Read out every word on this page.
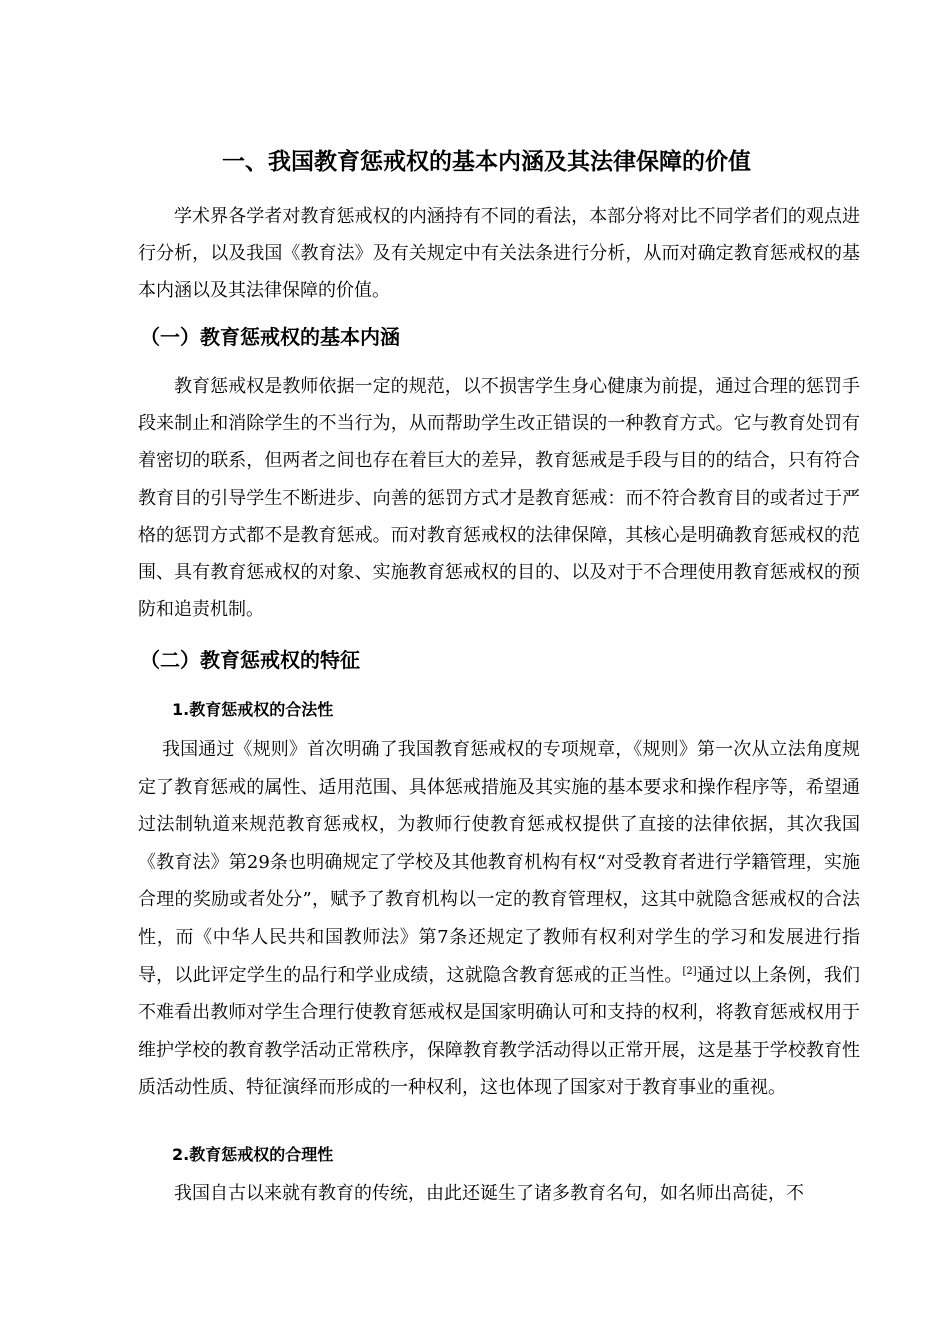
一、我国教育惩戒权的基本内涵及其法律保障的价值

学术界各学者对教育惩戒权的内涵持有不同的看法，本部分将对比不同学者们的观点进行分析，以及我国《教育法》及有关规定中有关法条进行分析，从而对确定教育惩戒权的基本内涵以及其法律保障的价值。

（一）教育惩戒权的基本内涵

教育惩戒权是教师依据一定的规范，以不损害学生身心健康为前提，通过合理的惩罚手段来制止和消除学生的不当行为，从而帮助学生改正错误的一种教育方式。它与教育处罚有着密切的联系，但两者之间也存在着巨大的差异，教育惩戒是手段与目的的结合，只有符合教育目的引导学生不断进步、向善的惩罚方式才是教育惩戒：而不符合教育目的或者过于严格的惩罚方式都不是教育惩戒。而对教育惩戒权的法律保障，其核心是明确教育惩戒权的范围、具有教育惩戒权的对象、实施教育惩戒权的目的、以及对于不合理使用教育惩戒权的预防和追责机制。

（二）教育惩戒权的特征
1.教育惩戒权的合法性

我国通过《规则》首次明确了我国教育惩戒权的专项规章，《规则》第一次从立法角度规定了教育惩戒的属性、适用范围、具体惩戒措施及其实施的基本要求和操作程序等，希望通过法制轨道来规范教育惩戒权，为教师行使教育惩戒权提供了直接的法律依据，其次我国《教育法》第29条也明确规定了学校及其他教育机构有权“对受教育者进行学籍管理，实施合理的奖励或者处分”，赋予了教育机构以一定的教育管理权，这其中就隐含惩戒权的合法性，而《中华人民共和国教师法》第7条还规定了教师有权利对学生的学习和发展进行指导，以此评定学生的品行和学业成绩，这就隐含教育惩戒的正当性。[2]通过以上条例，我们不难看出教师对学生合理行使教育惩戒权是国家明确认可和支持的权利，将教育惩戒权用于维护学校的教育教学活动正常秩序，保障教育教学活动得以正常开展，这是基于学校教育性质活动性质、特征演绎而形成的一种权利，这也体现了国家对于教育事业的重视。

2.教育惩戒权的合理性

我国自古以来就有教育的传统，由此还诞生了诸多教育名句，如名师出高徒，不
